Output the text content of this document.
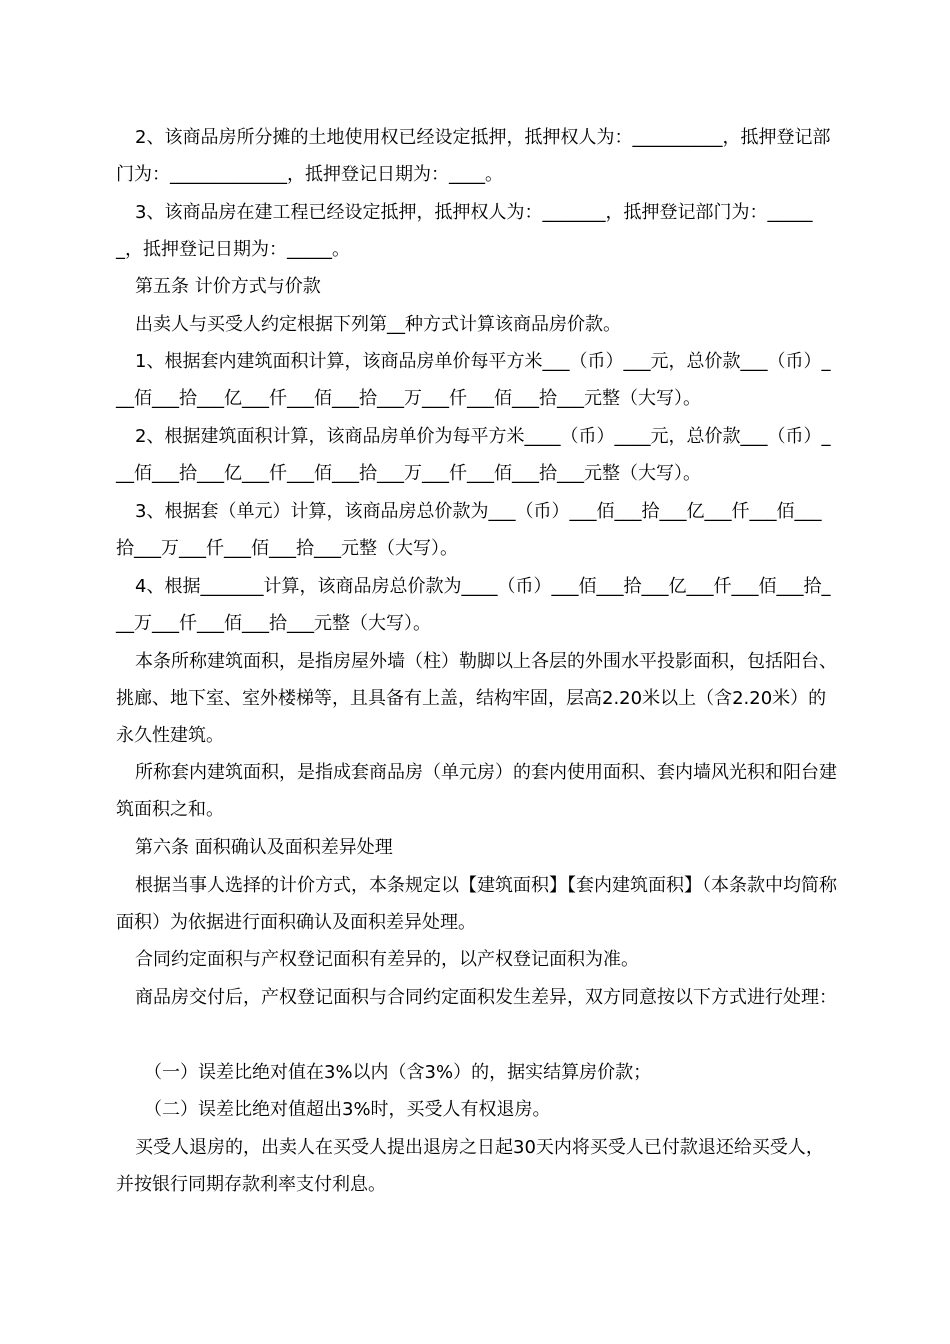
2、该商品房所分摊的土地使用权已经设定抵押，抵押权人为：__________，抵押登记部门为：_____________，抵押登记日期为：____。

3、该商品房在建工程已经设定抵押，抵押权人为：_______，抵押登记部门为：______，抵押登记日期为：_____。

第五条 计价方式与价款

出卖人与买受人约定根据下列第__种方式计算该商品房价款。

1、根据套内建筑面积计算，该商品房单价每平方米___（币）___元，总价款___（币）___佰___拾___亿___仟___佰___拾___万___仟___佰___拾___元整（大写）。

2、根据建筑面积计算，该商品房单价为每平方米____（币）____元，总价款___（币）___佰___拾___亿___仟___佰___拾___万___仟___佰___拾___元整（大写）。

3、根据套（单元）计算，该商品房总价款为___（币）___佰___拾___亿___仟___佰___拾___万___仟___佰___拾___元整（大写）。

4、根据_______计算，该商品房总价款为____（币）___佰___拾___亿___仟___佰___拾___万___仟___佰___拾___元整（大写）。

本条所称建筑面积，是指房屋外墙（柱）勒脚以上各层的外围水平投影面积，包括阳台、挑廊、地下室、室外楼梯等，且具备有上盖，结构牢固，层高2.20米以上（含2.20米）的永久性建筑。

所称套内建筑面积，是指成套商品房（单元房）的套内使用面积、套内墙风光积和阳台建筑面积之和。

第六条 面积确认及面积差异处理

根据当事人选择的计价方式，本条规定以【建筑面积】【套内建筑面积】（本条款中均简称面积）为依据进行面积确认及面积差异处理。

合同约定面积与产权登记面积有差异的，以产权登记面积为准。

商品房交付后，产权登记面积与合同约定面积发生差异，双方同意按以下方式进行处理：

（一）误差比绝对值在3%以内（含3%）的，据实结算房价款；

（二）误差比绝对值超出3%时，买受人有权退房。

买受人退房的，出卖人在买受人提出退房之日起30天内将买受人已付款退还给买受人，并按银行同期存款利率支付利息。
